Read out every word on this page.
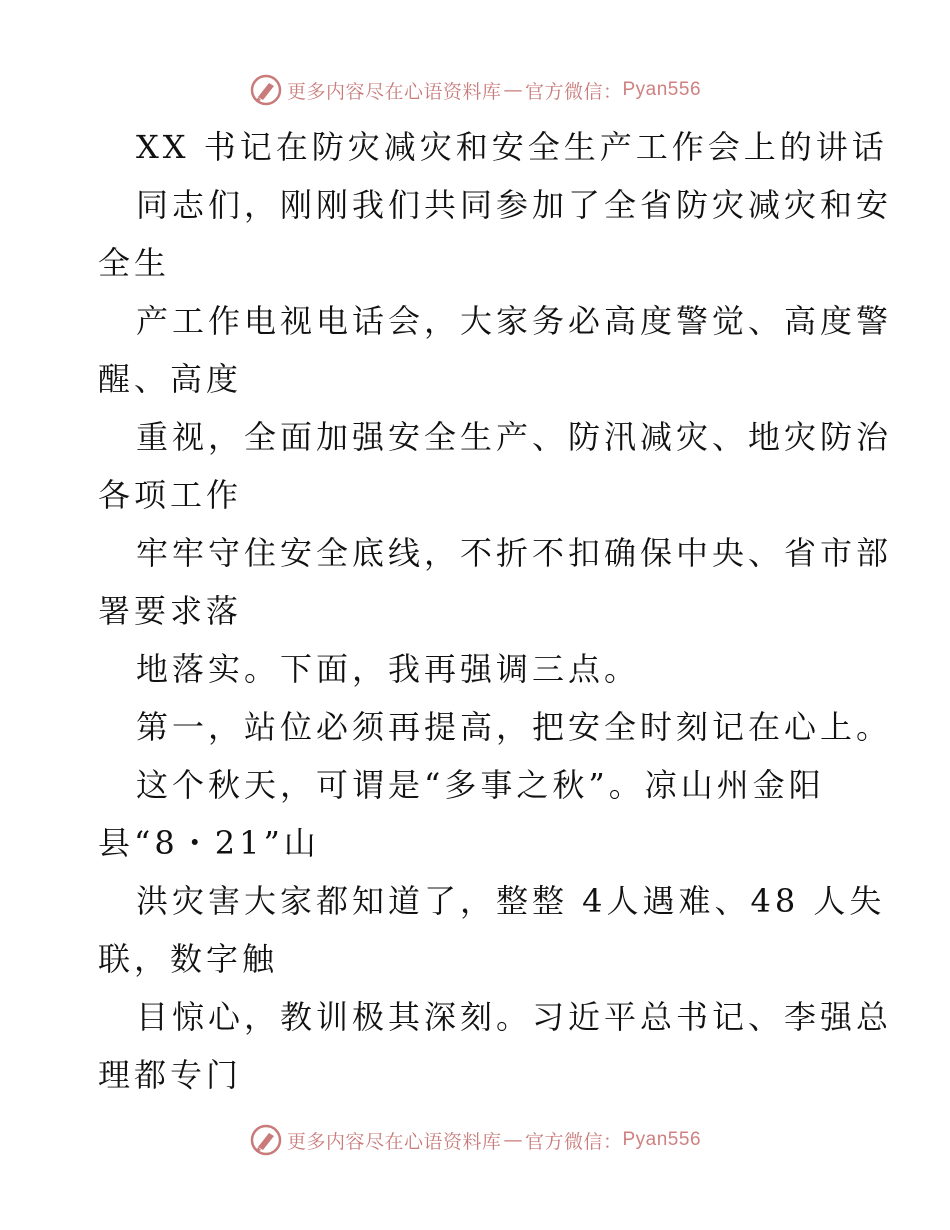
更多内容尽在心语资料库 — 官方微信： Pyan556
XX 书记在防灾减灾和安全生产工作会上的讲话
同志们，刚刚我们共同参加了全省防灾减灾和安
全生
产工作电视电话会，大家务必高度警觉、高度警
醒、高度
重视，全面加强安全生产、防汛减灾、地灾防治
各项工作
牢牢守住安全底线，不折不扣确保中央、省市部
署要求落
地落实。下面，我再强调三点。
第一，站位必须再提高，把安全时刻记在心上。
这个秋天，可谓是“多事之秋”。凉山州金阳
县“8・21”山
洪灾害大家都知道了，整整 4人遇难、48 人失
联，数字触
目惊心，教训极其深刻。习近平总书记、李强总
理都专门
更多内容尽在心语资料库 — 官方微信： Pyan556
